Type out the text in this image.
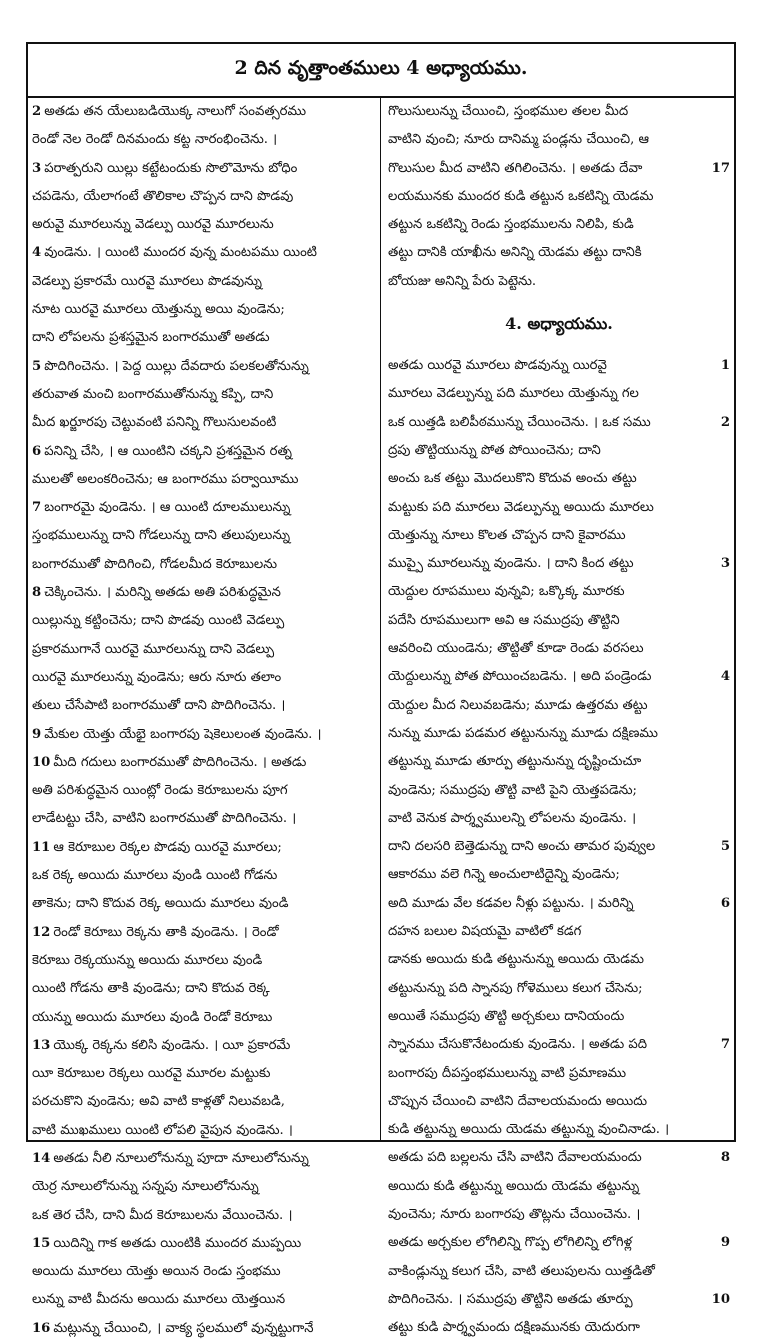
2 దిన వృత్తాంతములు 4 అధ్యాయము.
2 అతడు తన యేలుబడియొక్క నాలుగో సంవత్సరము
రెండో నెల రెండో దినమందు కట్ట నారంభించెను. ।
3 పరాత్పరుని యిల్లు కట్టేటందుకు సొలొమోను బోధిం
చపడెను, యేలాగంటే తొలికాల చొప్పన దాని పొడవు
అరువై మూరలున్ను వెడల్పు యిరవై మూరలును
4 వుండెను. । యింటి ముందర వున్న మంటపము యింటి
వెడల్పు ప్రకారమే యిరవై మూరలు పొడవున్ను
నూట యిరవై మూరలు యెత్తున్ను అయి వుండెను;
దాని లోపలను ప్రశస్తమైన బంగారముతో అతడు
5 పొదిగించెను. । పెద్ద యిల్లు దేవదారు పలకలతోనున్ను
తరువాత మంచి బంగారముతోనున్ను కప్పి, దాని
మీద ఖర్జూరపు చెట్టువంటి పనిన్ని గొలుసులవంటి
6 పనిన్ని చేసి, । ఆ యింటిని చక్కని ప్రశస్తమైన రత్న
ములతో అలంకరించెను; ఆ బంగారము పర్వాయీము
7 బంగారమై వుండెను. । ఆ యింటి దూలములున్ను
స్తంభములున్ను దాని గోడలున్ను దాని తలుపులున్ను
బంగారముతో పొదిగించి, గోడలమీద కెరూబులను
8 చెక్కించెను. । మరిన్ని అతడు అతి పరిశుద్ధమైన
యిల్లున్ను కట్టించెను; దాని పొడవు యింటి వెడల్పు
ప్రకారముగానే యిరవై మూరలున్ను దాని వెడల్పు
యిరవై మూరలున్ను వుండెను; ఆరు నూరు తలాం
తులు చేసేపాటి బంగారముతో దాని పొదిగించెను. ।
9 మేకుల యెత్తు యేభై బంగారపు షెకెలులంత వుండెను. ।
10 మీది గదులు బంగారముతో పొదిగించెను. । అతడు
అతి పరిశుద్ధమైన యింట్లో రెండు కెరూబులను పూగ
లాడేటట్టు చేసి, వాటిని బంగారముతో పొదిగించెను. ।
11 ఆ కెరూబుల రెక్కల పొడవు యిరవై మూరలు;
ఒక రెక్క అయిదు మూరలు వుండి యింటి గోడను
తాకెను; దాని కొదువ రెక్క అయిదు మూరలు వుండి
12 రెండో కెరూబు రెక్కను తాకి వుండెను. । రెండో
కెరూబు రెక్కయున్ను అయిదు మూరలు వుండి
యింటి గోడను తాకి వుండెను; దాని కొదువ రెక్క
యున్ను అయిదు మూరలు వుండి రెండో కెరూబు
13 యొక్క రెక్కను కలిసి వుండెను. । యీ ప్రకారమే
యీ కెరూబుల రెక్కలు యిరవై మూరల మట్టుకు
పరచుకొని వుండెను; అవి వాటి కాళ్లతో నిలువబడి,
వాటి ముఖములు యింటి లోపలి వైపున వుండెను. ।
14 అతడు నీలి నూలులోనున్ను పూదా నూలులోనున్ను
యెర్ర నూలులోనున్ను సన్నపు నూలులోనున్ను
ఒక తెర చేసి, దాని మీద కెరూబులను వేయించెను. ।
15 యిదిన్ని గాక అతడు యింటికి ముందర ముప్పయి
అయిదు మూరలు యెత్తు అయిన రెండు స్తంభము
లున్ను వాటి మీదను అయిదు మూరలు యెత్తయిన
16 మట్లున్ను చేయించి, । వాక్య స్థలములో వున్నట్టుగానే
గొలుసులున్ను చేయించి, స్తంభముల తలల మీద
వాటిని వుంచి; నూరు దానిమ్మ పండ్లను చేయించి, ఆ
17
గొలుసుల మీద వాటిని తగిలించెను. । అతడు దేవా
లయమునకు ముందర కుడి తట్టున ఒకటిన్ని యెడమ
తట్టున ఒకటిన్ని రెండు స్తంభములను నిలిపి, కుడి
తట్టు దానికి యాఖీను అనిన్ని యెడమ తట్టు దానికి
బోయజు అనిన్ని పేరు పెట్టెను.
4. అధ్యాయము.
1
అతడు యిరవై మూరలు పొడవున్ను యిరవై
మూరలు వెడల్పున్ను పది మూరలు యెత్తున్ను గల
2
ఒక యిత్తడి బలిపీఠమున్ను చేయించెను. । ఒక సము
ద్రపు తొట్టియున్ను పోత పోయించెను; దాని
అంచు ఒక తట్టు మొదలుకొని కొదువ అంచు తట్టు
మట్టుకు పది మూరలు వెడల్పున్ను అయిదు మూరలు
యెత్తున్ను నూలు కొలత చొప్పన దాని కైవారము
3
ముప్పై మూరలున్ను వుండెను. । దాని కింద తట్టు
యెద్దుల రూపములు వున్నవి; ఒక్కొక్క మూరకు
పదేసి రూపములుగా అవి ఆ సముద్రపు తొట్టిని
ఆవరించి యుండెను; తొట్టితో కూడా రెండు వరసలు
4
యెద్దులున్ను పోత పోయించబడెను. । అది పండ్రెండు
యెద్దుల మీద నిలువబడెను; మూడు ఉత్తరమ తట్టు
నున్ను మూడు పడమర తట్టునున్ను మూడు దక్షిణము
తట్టున్ను మూడు తూర్పు తట్టునున్ను దృష్టించుచూ
వుండెను; సముద్రపు తొట్టి వాటి పైని యెత్తపడెను;
వాటి వెనుక పార్శ్వములన్ని లోపలను వుండెను. ।
5
దాని దలసరి బెత్తెడున్ను దాని అంచు తామర పువ్వుల
ఆకారము వలె గిన్నె అంచులాటిదైన్ని వుండెను;
6
అది మూడు వేల కడవల నీళ్లు పట్టును. । మరిన్ని
దహన బలుల విషయమై వాటిలో కడగ
డానకు అయిదు కుడి తట్టునున్ను అయిదు యెడమ
తట్టునున్ను పది స్నానపు గోళెములు కలుగ చేసెను;
అయితే సముద్రపు తొట్టి అర్చకులు దానియందు
7
స్నానము చేసుకొనేటందుకు వుండెను. । అతడు పది
బంగారపు దీపస్తంభములున్ను వాటి ప్రమాణము
చొప్పున చేయించి వాటిని దేవాలయమందు అయిదు
కుడి తట్టున్ను అయిదు యెడమ తట్టున్ను వుంచినాడు. ।
8
అతడు పది బల్లలను చేసి వాటిని దేవాలయమందు
అయిదు కుడి తట్టున్ను అయిదు యెడమ తట్టున్ను
వుంచెను; నూరు బంగారపు తొట్లను చేయించెను. ।
9
అతడు అర్చకుల లోగిలిన్ని గొప్ప లోగిలిన్ని లోగిళ్ల
వాకిండ్లున్ను కలుగ చేసి, వాటి తలుపులను యిత్తడితో
10
పొదిగించెను. । సముద్రపు తొట్టిని అతడు తూర్పు
తట్టు కుడి పార్శ్వమందు దక్షిణమునకు యెదురుగా
